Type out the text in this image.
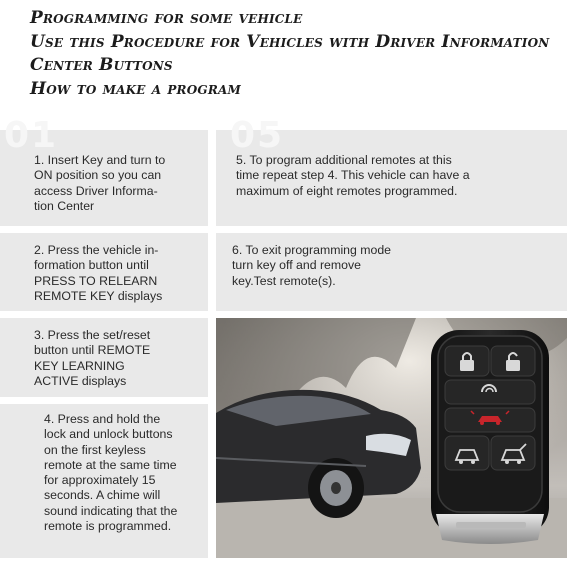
Programming for some vehicle
Use this Procedure for Vehicles with Driver Information
Center Buttons
How to make a program
01
1. Insert Key and turn to
ON position so you can
access Driver Informa-
tion Center
2. Press the vehicle in-
formation button until
PRESS TO RELEARN
REMOTE KEY displays
3. Press the set/reset
button until REMOTE
KEY LEARNING
ACTIVE displays
4. Press and hold the
lock and unlock buttons
on the first keyless
remote at the same time
for approximately 15
seconds. A chime will
sound indicating that the
remote is programmed.
05
5. To program additional remotes at this
time repeat step 4. This vehicle can have a
maximum of eight remotes programmed.
6. To exit programming mode
turn key off and remove
key.Test remote(s).
